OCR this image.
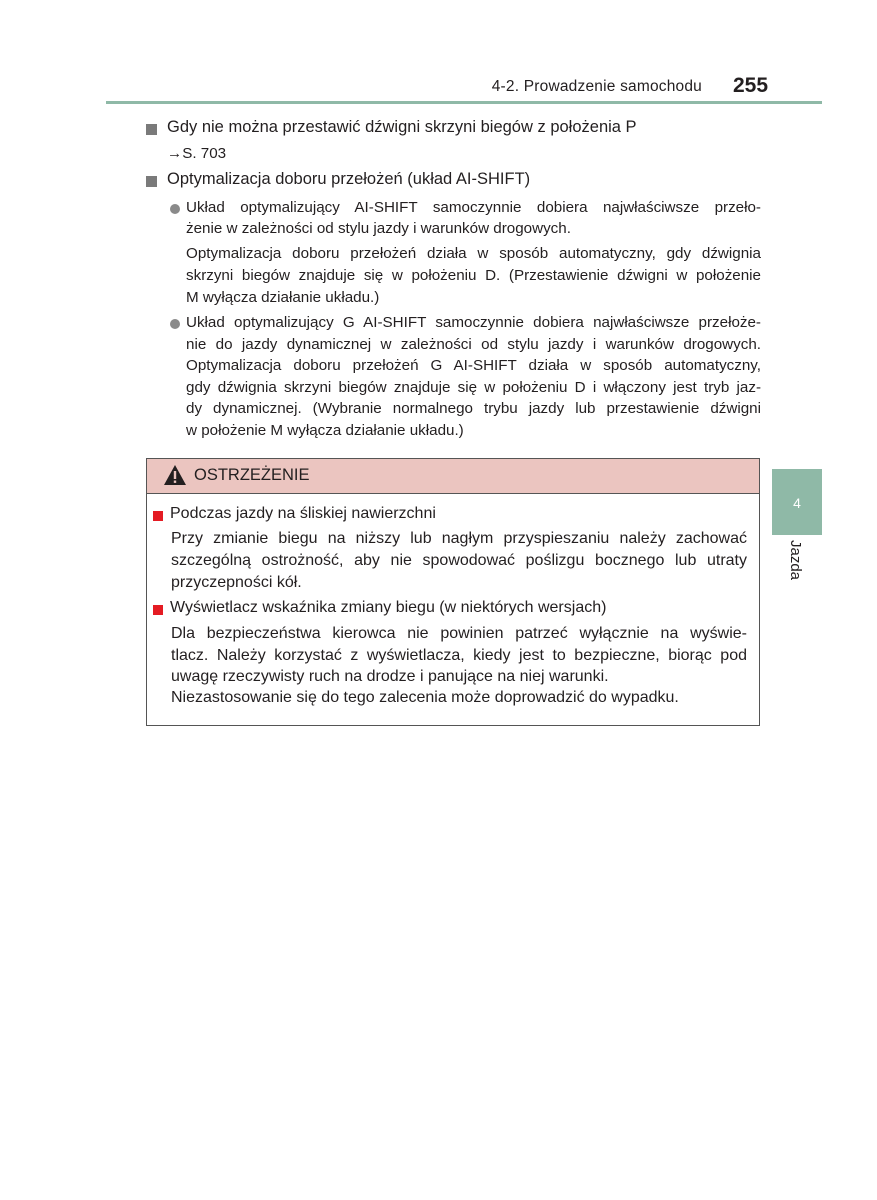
4-2. Prowadzenie samochodu 255
Gdy nie można przestawić dźwigni skrzyni biegów z położenia P
→S. 703
Optymalizacja doboru przełożeń (układ AI-SHIFT)
Układ optymalizujący AI-SHIFT samoczynnie dobiera najwłaściwsze przeło-
żenie w zależności od stylu jazdy i warunków drogowych.
Optymalizacja doboru przełożeń działa w sposób automatyczny, gdy dźwignia
skrzyni biegów znajduje się w położeniu D. (Przestawienie dźwigni w położenie
M wyłącza działanie układu.)
Układ optymalizujący G AI-SHIFT samoczynnie dobiera najwłaściwsze przełoże-
nie do jazdy dynamicznej w zależności od stylu jazdy i warunków drogowych.
Optymalizacja doboru przełożeń G AI-SHIFT działa w sposób automatyczny,
gdy dźwignia skrzyni biegów znajduje się w położeniu D i włączony jest tryb jaz-
dy dynamicznej. (Wybranie normalnego trybu jazdy lub przestawienie dźwigni
w położenie M wyłącza działanie układu.)
OSTRZEŻENIE
Podczas jazdy na śliskiej nawierzchni
Przy zmianie biegu na niższy lub nagłym przyspieszaniu należy zachować
szczególną ostrożność, aby nie spowodować poślizgu bocznego lub utraty
przyczepności kół.
Wyświetlacz wskaźnika zmiany biegu (w niektórych wersjach)
Dla bezpieczeństwa kierowca nie powinien patrzeć wyłącznie na wyświe-
tlacz. Należy korzystać z wyświetlacza, kiedy jest to bezpieczne, biorąc pod
uwagę rzeczywisty ruch na drodze i panujące na niej warunki.
Niezastosowanie się do tego zalecenia może doprowadzić do wypadku.
4
Jazda
